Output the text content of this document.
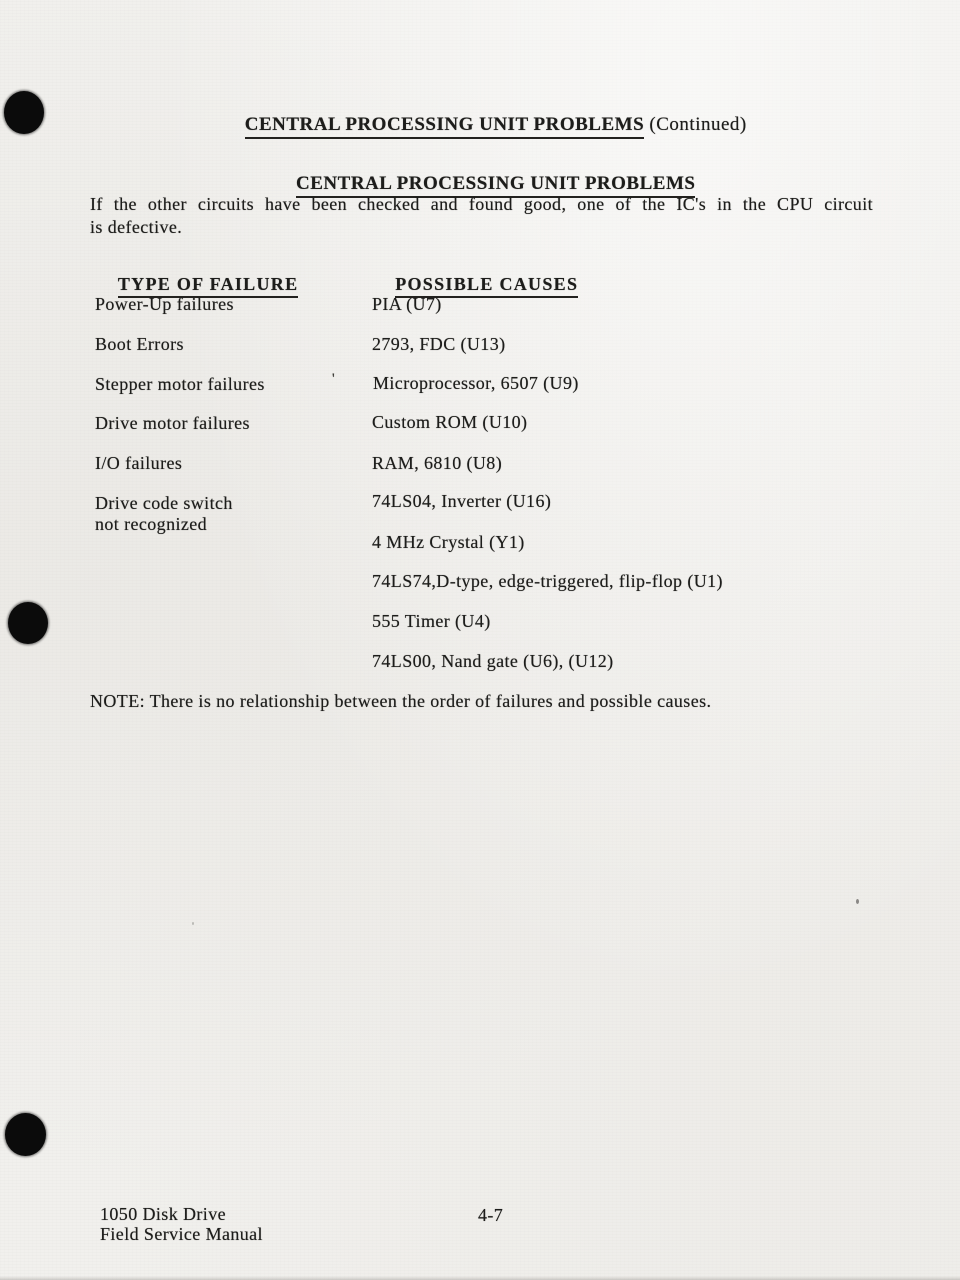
CENTRAL PROCESSING UNIT PROBLEMS (Continued)

CENTRAL PROCESSING UNIT PROBLEMS

If the other circuits have been checked and found good, one of the IC's in the CPU circuit
is defective.

TYPE OF FAILURE
	POSSIBLE CAUSES

Power-Up failures
Boot Errors
Stepper motor failures
Drive motor failures
I/O failures
Drive code switch
not recognized
PIA (U7)
2793, FDC (U13)
Microprocessor, 6507 (U9)
Custom ROM (U10)
RAM, 6810 (U8)
74LS04, Inverter (U16)
4 MHz Crystal (Y1)
74LS74,D-type, edge-triggered, flip-flop (U1)
555 Timer (U4)
74LS00, Nand gate (U6), (U12)
NOTE: There is no relationship between the order of failures and possible causes.
1050 Disk Drive
Field Service Manual
4-7
'
